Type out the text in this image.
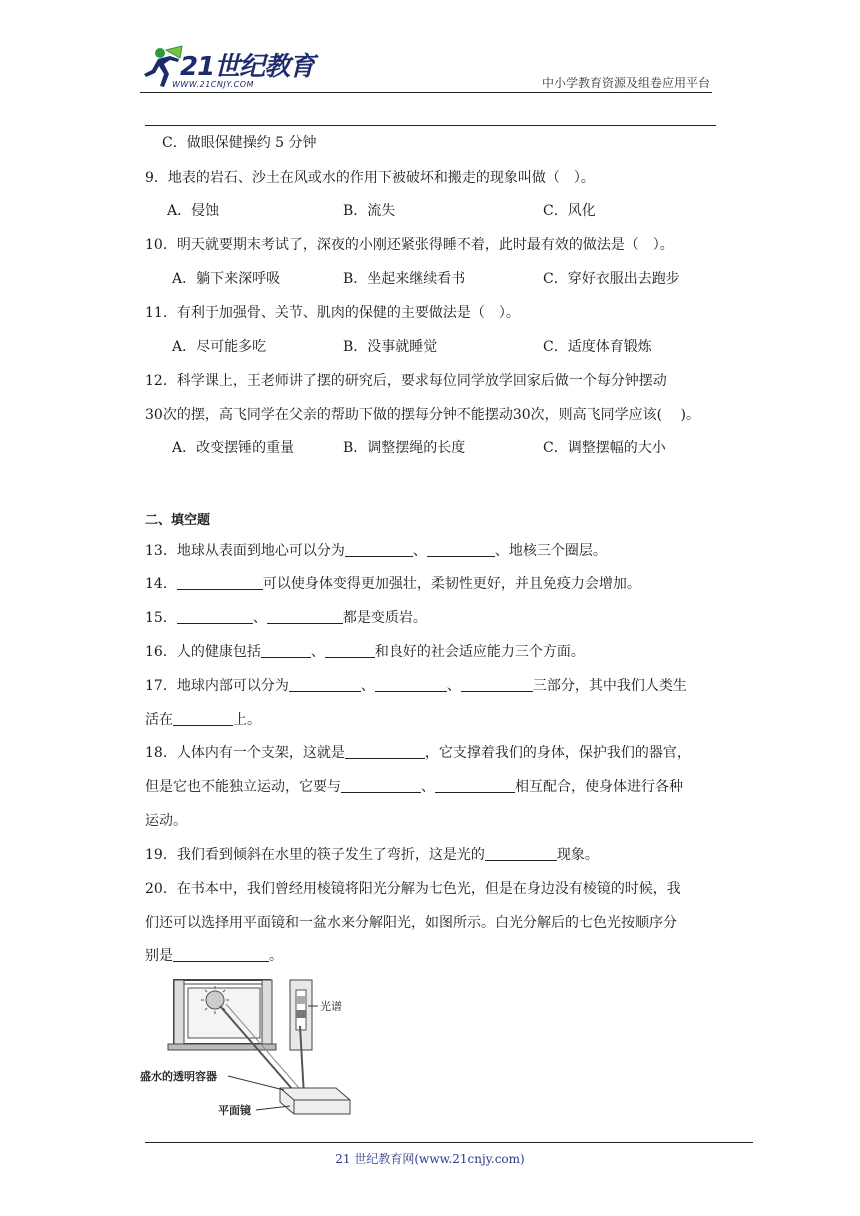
21世纪教育
WWW.21CNJY.COM	中小学教育资源及组卷应用平台
C．做眼保健操约 5 分钟
9．地表的岩石、沙土在风或水的作用下被破坏和搬走的现象叫做（　）。
A．侵蚀	B．流失	C．风化
10．明天就要期末考试了，深夜的小刚还紧张得睡不着，此时最有效的做法是（　）。
A．躺下来深呼吸	B．坐起来继续看书	C．穿好衣服出去跑步
11．有利于加强骨、关节、肌肉的保健的主要做法是（　）。
A．尽可能多吃	B．没事就睡觉	C．适度体育锻炼
12．科学课上，王老师讲了摆的研究后，要求每位同学放学回家后做一个每分钟摆动
30次的摆，高飞同学在父亲的帮助下做的摆每分钟不能摆动30次，则高飞同学应该(　 )。
A．改变摆锤的重量	B．调整摆绳的长度	C．调整摆幅的大小
二、填空题
13．地球从表面到地心可以分为	、	、地核三个圈层。
14．	可以使身体变得更加强壮，柔韧性更好，并且免疫力会增加。
15．	、	都是变质岩。
16．人的健康包括	、	和良好的社会适应能力三个方面。
17．地球内部可以分为	、	、	三部分，其中我们人类生
活在	上。
18．人体内有一个支架，这就是	，它支撑着我们的身体，保护我们的器官，
但是它也不能独立运动，它要与	、	相互配合，使身体进行各种
运动。
19．我们看到倾斜在水里的筷子发生了弯折，这是光的	现象。
20．在书本中，我们曾经用棱镜将阳光分解为七色光，但是在身边没有棱镜的时候，我
们还可以选择用平面镜和一盆水来分解阳光，如图所示。白光分解后的七色光按顺序分
别是	。
光谱
盛水的透明容器
平面镜
21 世纪教育网(www.21cnjy.com)
